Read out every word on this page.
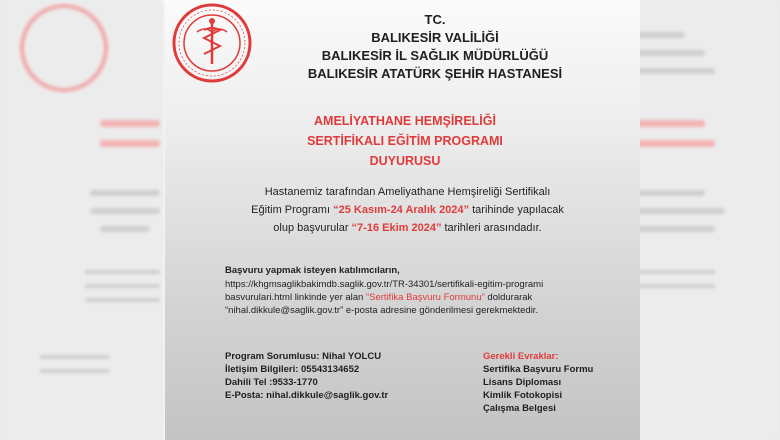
TC.
BALIKESİR VALİLİĞİ
BALIKESİR İL SAĞLIK MÜDÜRLÜĞÜ
BALIKESİR ATATÜRK ŞEHİR HASTANESİ
AMELİYATHANE HEMŞİRELİĞİ
SERTİFİKALI EĞİTİM PROGRAMI
DUYURUSU
Hastanemiz tarafından Ameliyathane Hemşireliği Sertifikalı
Eğitim Programı “25 Kasım-24 Aralık 2024” tarihinde yapılacak
olup başvurular “7-16 Ekim 2024” tarihleri arasındadır.
Başvuru yapmak isteyen katılımcıların,
https://khgmsaglikbakimdb.saglik.gov.tr/TR-34301/sertifikali-egitim-programi
basvurulari.html linkinde yer alan “Sertifika Başvuru Formunu” doldurarak
“nihal.dikkule@saglik.gov.tr” e-posta adresine gönderilmesi gerekmektedir.
Program Sorumlusu: Nihal YOLCU
İletişim Bilgileri: 05543134652
Dahili Tel :9533-1770
E-Posta: nihal.dikkule@saglik.gov.tr
Gerekli Evraklar:
Sertifika Başvuru Formu
Lisans Diploması
Kimlik Fotokopisi
Çalışma Belgesi
